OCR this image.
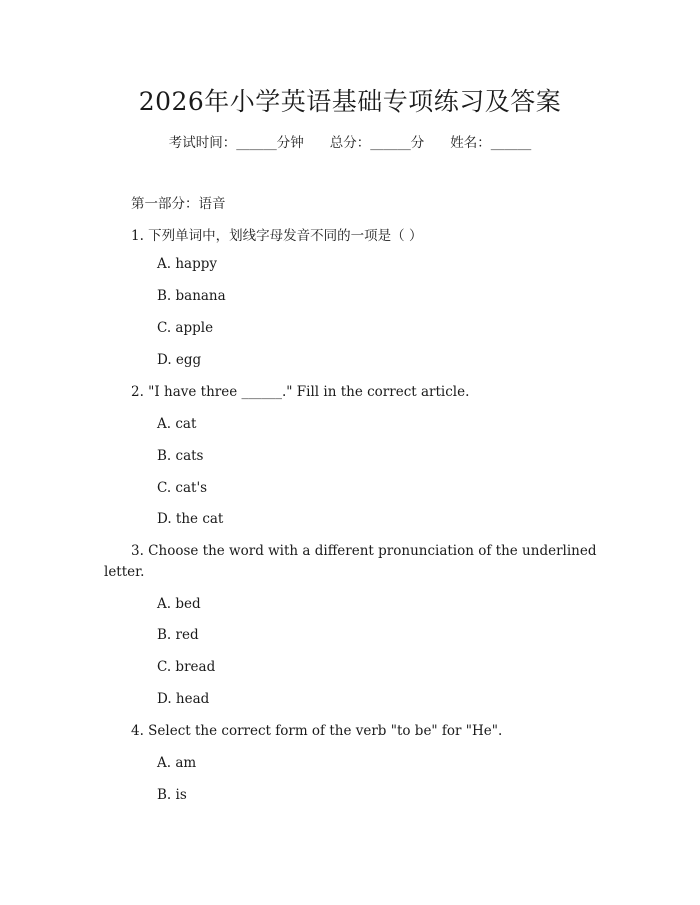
2026年小学英语基础专项练习及答案
考试时间：______分钟 总分：______分 姓名：______
第一部分：语音
1. 下列单词中，划线字母发音不同的一项是（ ）
A. happy
B. banana
C. apple
D. egg
2. "I have three ______." Fill in the correct article.
A. cat
B. cats
C. cat's
D. the cat
3. Choose the word with a different pronunciation of the underlined
letter.
A. bed
B. red
C. bread
D. head
4. Select the correct form of the verb "to be" for "He".
A. am
B. is
